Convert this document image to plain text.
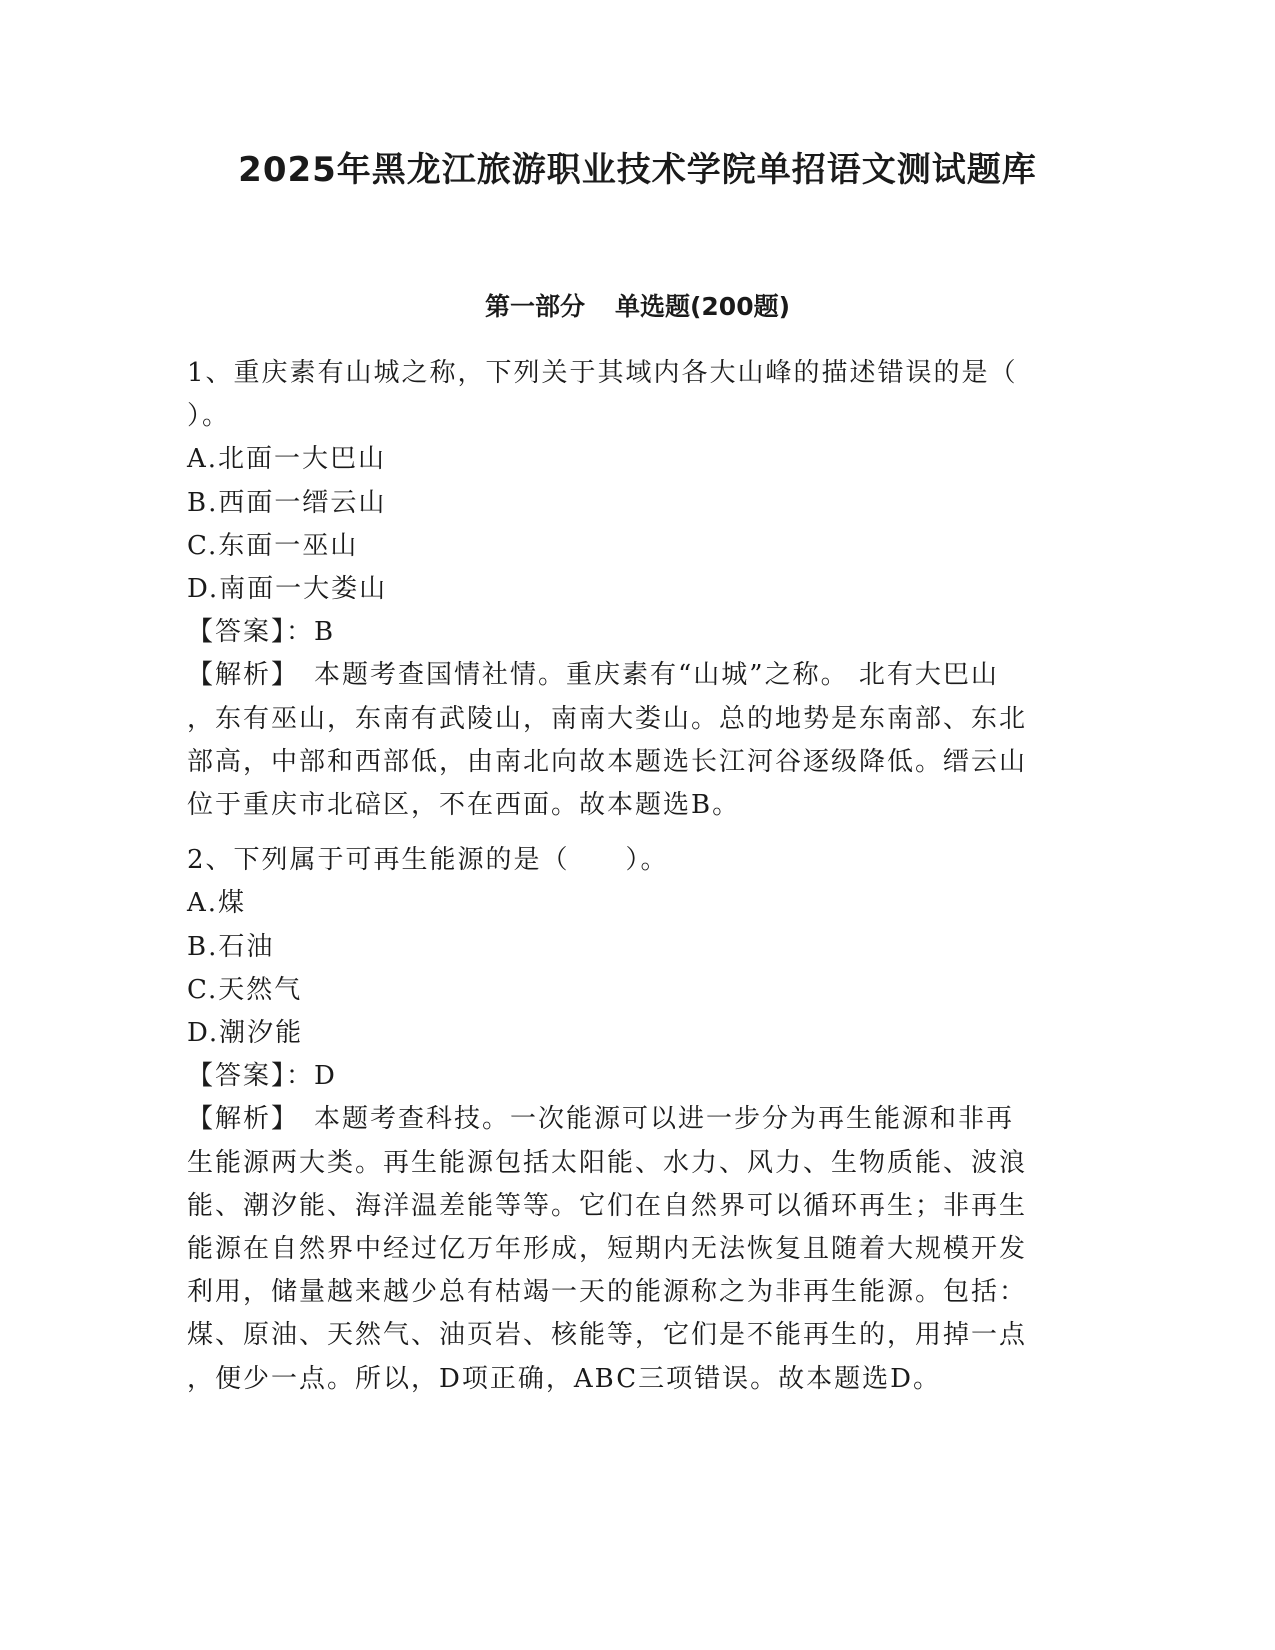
2025年黑龙江旅游职业技术学院单招语文测试题库
第一部分 单选题(200题)

1、重庆素有山城之称，下列关于其域内各大山峰的描述错误的是（

）。

A.北面一大巴山

B.西面一缙云山

C.东面一巫山

D.南面一大娄山

【答案】：B

【解析】　本题考查国情社情。重庆素有“山城”之称。 北有大巴山

，东有巫山，东南有武陵山，南南大娄山。总的地势是东南部、东北

部高，中部和西部低，由南北向故本题选长江河谷逐级降低。缙云山

位于重庆市北碚区，不在西面。故本题选B。

2、下列属于可再生能源的是（　　）。

A.煤

B.石油

C.天然气

D.潮汐能

【答案】：D

【解析】　本题考查科技。一次能源可以进一步分为再生能源和非再

生能源两大类。再生能源包括太阳能、水力、风力、生物质能、波浪

能、潮汐能、海洋温差能等等。它们在自然界可以循环再生；非再生

能源在自然界中经过亿万年形成，短期内无法恢复且随着大规模开发

利用，储量越来越少总有枯竭一天的能源称之为非再生能源。包括：

煤、原油、天然气、油页岩、核能等，它们是不能再生的，用掉一点

，便少一点。所以，D项正确，ABC三项错误。故本题选D。
